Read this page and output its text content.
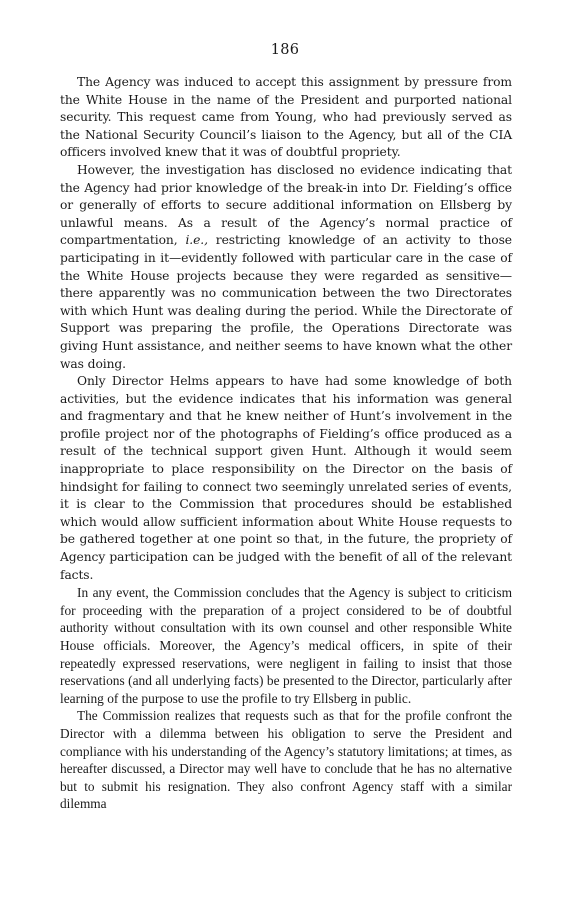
186

The Agency was induced to accept this assignment by pressure from the White House in the name of the President and purported national security. This request came from Young, who had previously served as the National Security Council’s liaison to the Agency, but all of the CIA officers involved knew that it was of doubtful propriety.

However, the investigation has disclosed no evidence indicating that the Agency had prior knowledge of the break-in into Dr. Fielding’s office or generally of efforts to secure additional information on Ellsberg by unlawful means. As a result of the Agency’s normal practice of compartmentation, i.e., restricting knowledge of an activity to those participating in it—evidently followed with particular care in the case of the White House projects because they were regarded as sensitive—there apparently was no communication between the two Directorates with which Hunt was dealing during the period. While the Directorate of Support was preparing the profile, the Operations Directorate was giving Hunt assistance, and neither seems to have known what the other was doing.

Only Director Helms appears to have had some knowledge of both activities, but the evidence indicates that his information was general and fragmentary and that he knew neither of Hunt’s involvement in the profile project nor of the photographs of Fielding’s office produced as a result of the technical support given Hunt. Although it would seem inappropriate to place responsibility on the Director on the basis of hindsight for failing to connect two seemingly unrelated series of events, it is clear to the Commission that procedures should be established which would allow sufficient information about White House requests to be gathered together at one point so that, in the future, the propriety of Agency participation can be judged with the benefit of all of the relevant facts.

In any event, the Commission concludes that the Agency is subject to criticism for proceeding with the preparation of a project considered to be of doubtful authority without consultation with its own counsel and other responsible White House officials. Moreover, the Agency’s medical officers, in spite of their repeatedly expressed reservations, were negligent in failing to insist that those reservations (and all underlying facts) be presented to the Director, particularly after learning of the purpose to use the profile to try Ellsberg in public.

The Commission realizes that requests such as that for the profile confront the Director with a dilemma between his obligation to serve the President and compliance with his understanding of the Agency’s statutory limitations; at times, as hereafter discussed, a Director may well have to conclude that he has no alternative but to submit his resignation. They also confront Agency staff with a similar dilemma
